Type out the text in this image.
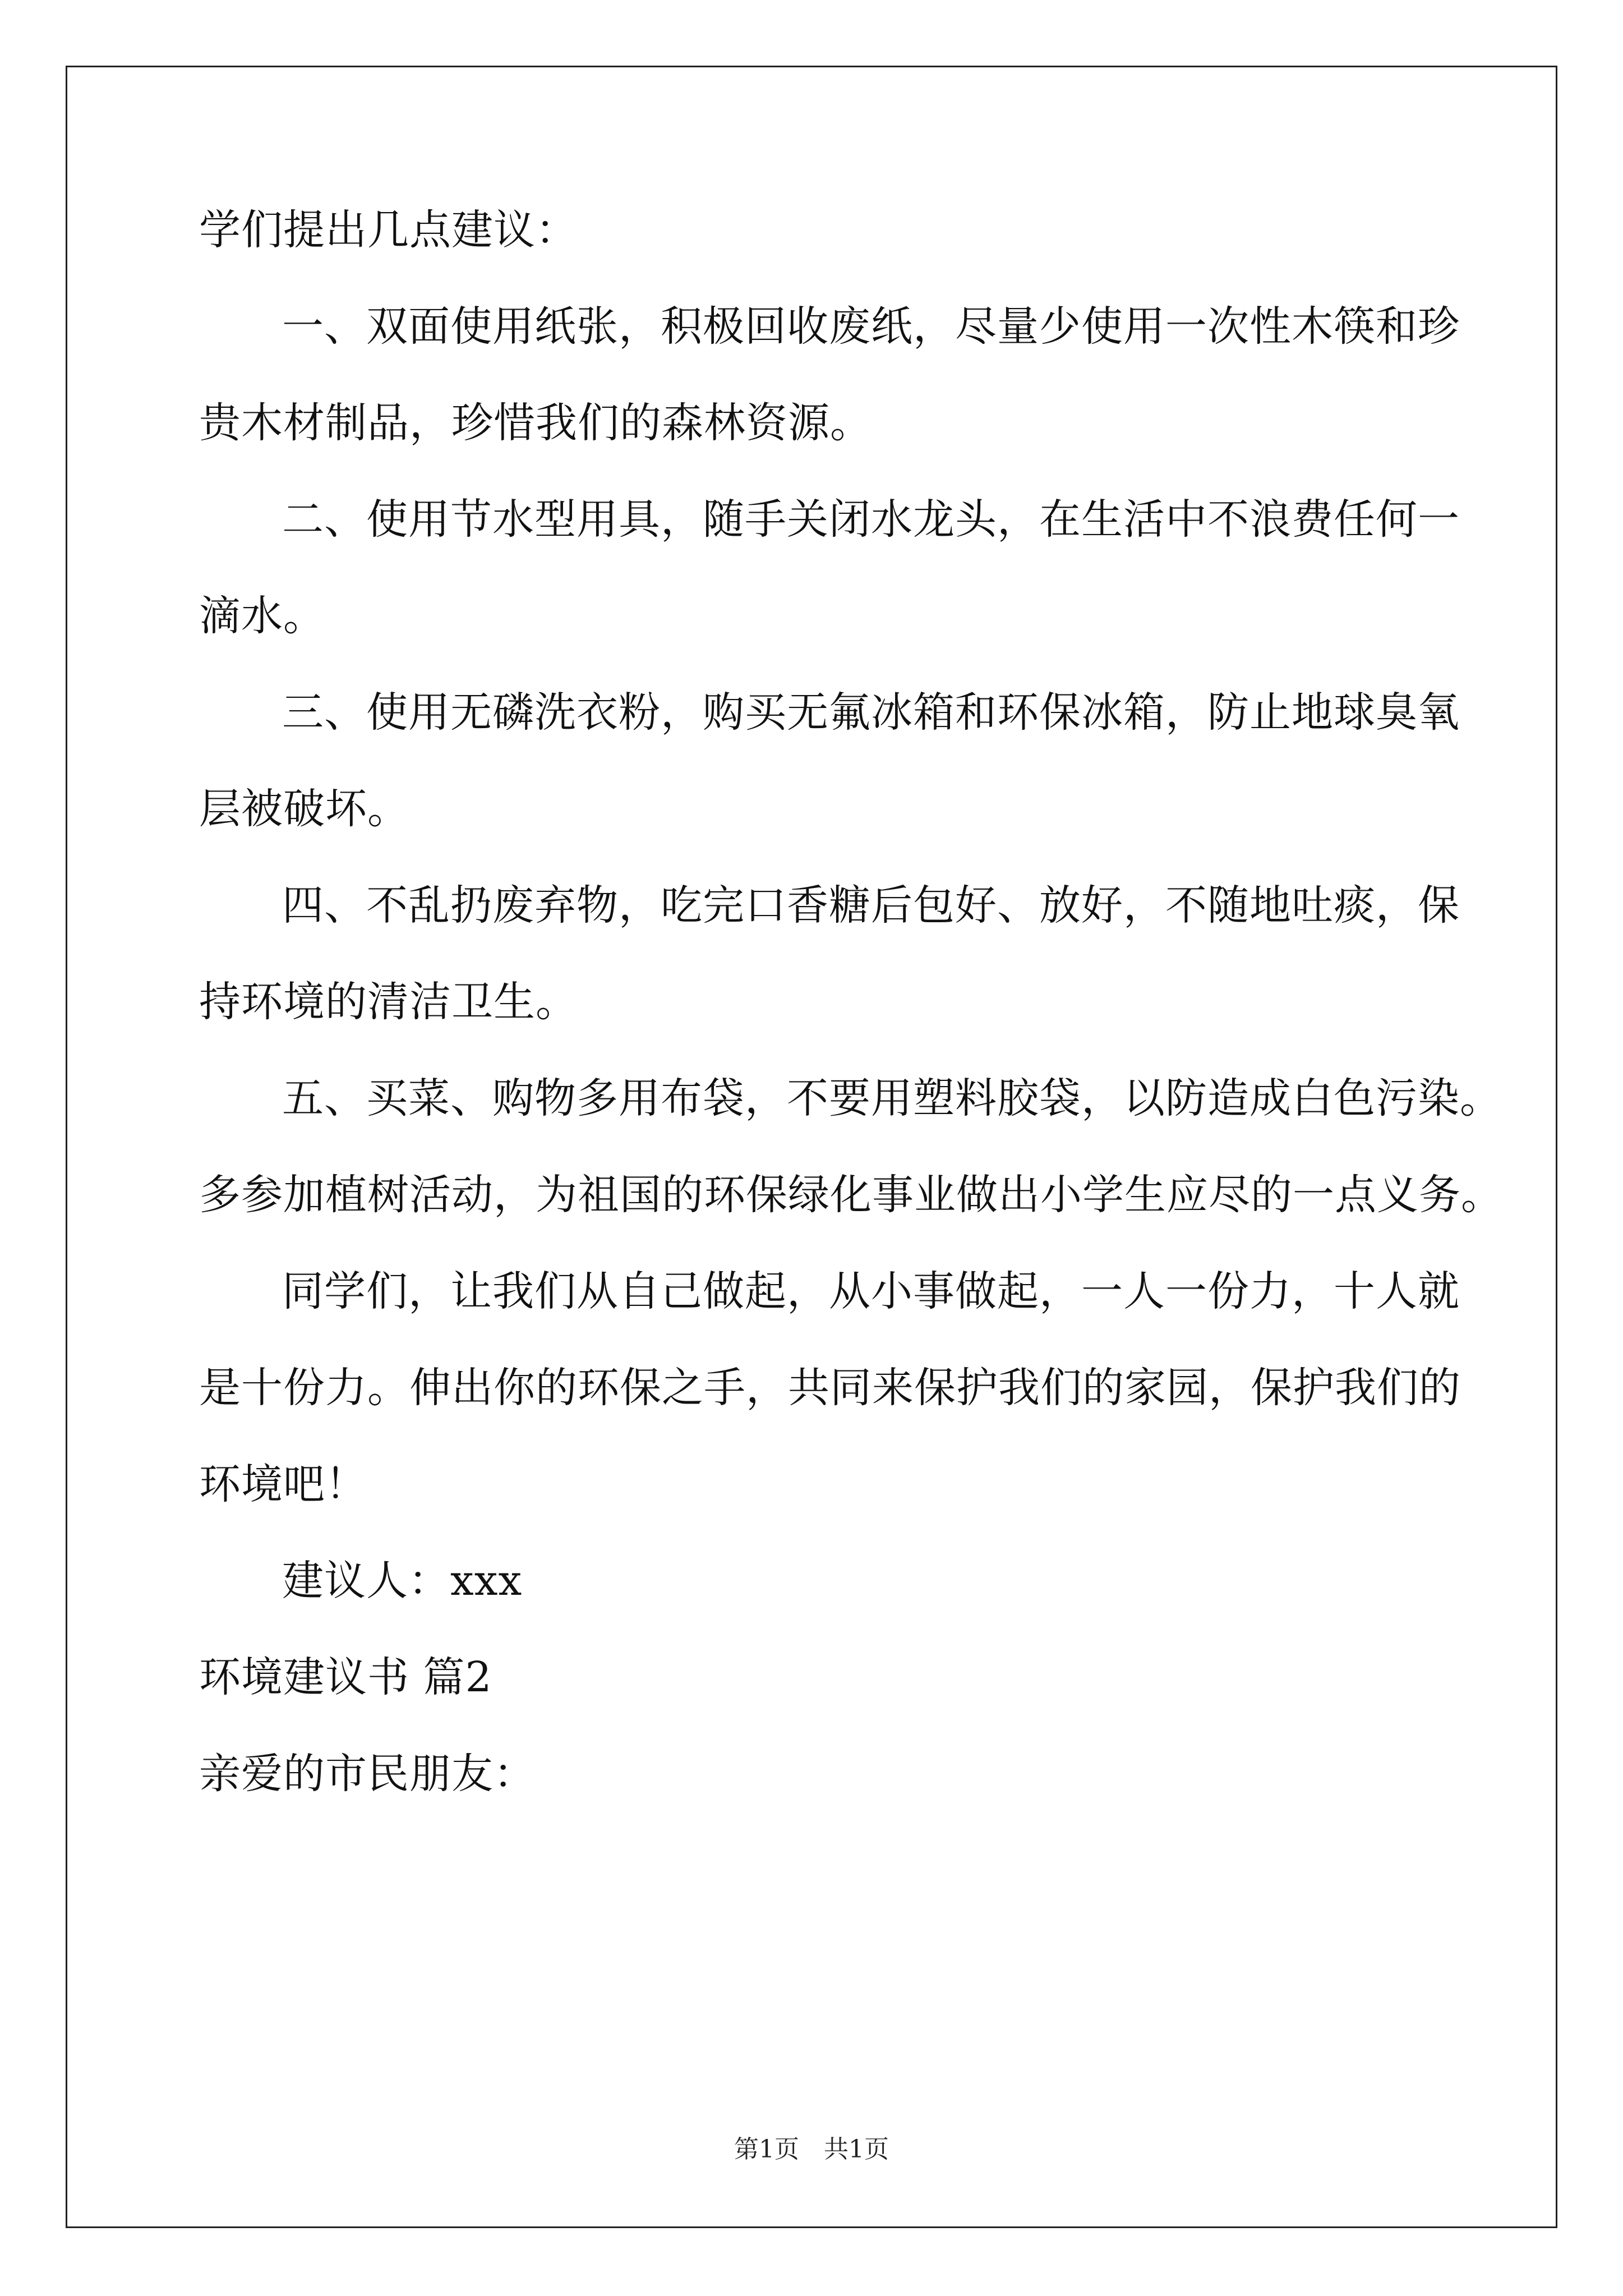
学们提出几点建议：
一、双面使用纸张，积极回收废纸，尽量少使用一次性木筷和珍
贵木材制品，珍惜我们的森林资源。
二、使用节水型用具，随手关闭水龙头，在生活中不浪费任何一
滴水。
三、使用无磷洗衣粉，购买无氟冰箱和环保冰箱，防止地球臭氧
层被破坏。
四、不乱扔废弃物，吃完口香糖后包好、放好，不随地吐痰，保
持环境的清洁卫生。
五、买菜、购物多用布袋，不要用塑料胶袋，以防造成白色污染。
多参加植树活动，为祖国的环保绿化事业做出小学生应尽的一点义务。
同学们，让我们从自己做起，从小事做起，一人一份力，十人就
是十份力。伸出你的环保之手，共同来保护我们的家园，保护我们的
环境吧！
建议人：xxx
环境建议书 篇2
亲爱的市民朋友：
第1页　共1页
